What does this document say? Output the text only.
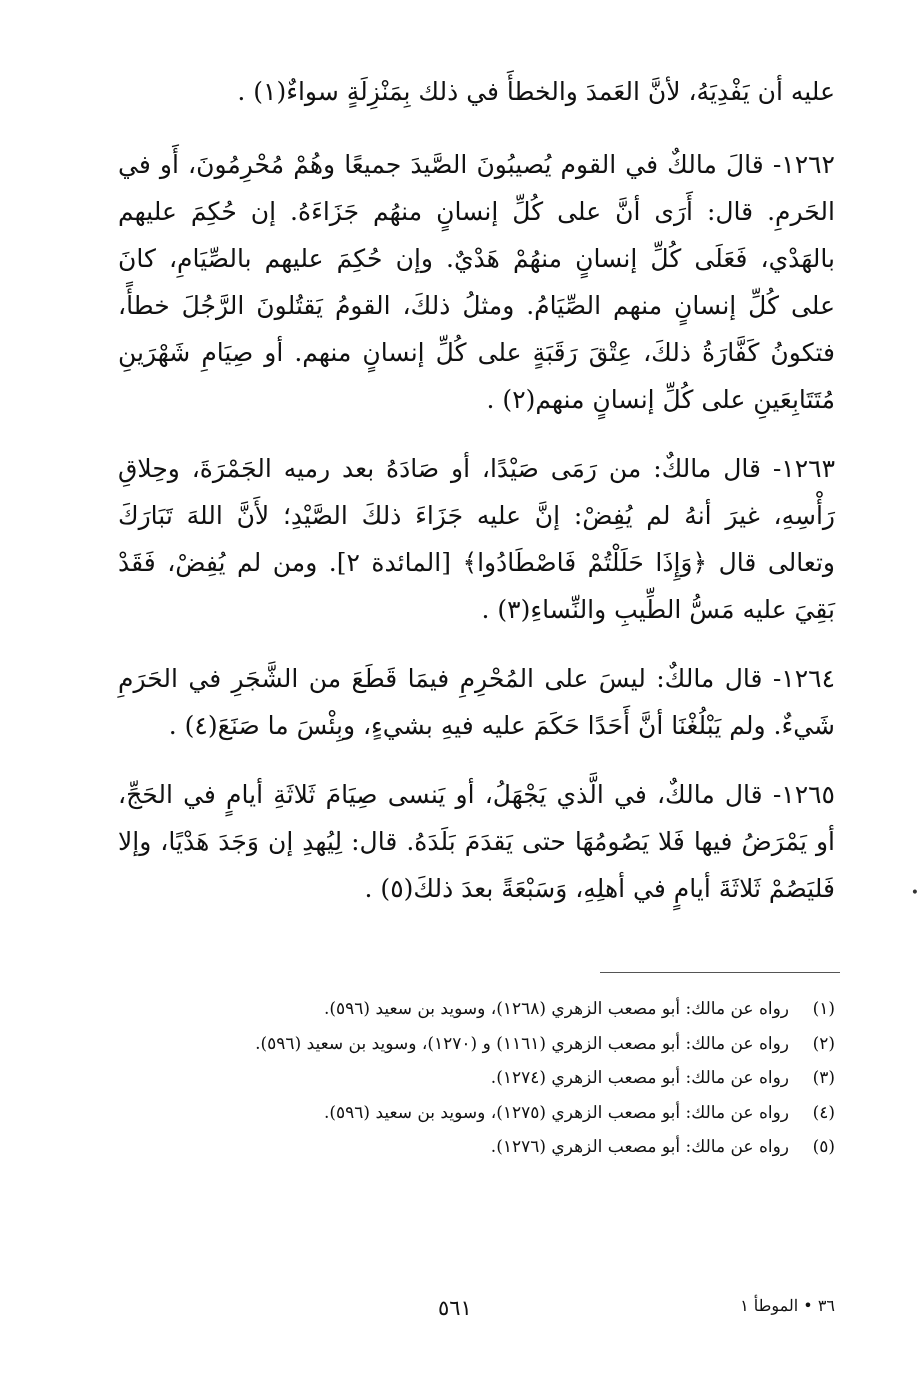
عليه أن يَفْدِيَهُ، لأنَّ العَمدَ والخطأَ في ذلك بِمَنْزِلَةٍ سواءٌ(١) .

١٢٦٢- قالَ مالكٌ في القوم يُصيبُونَ الصَّيدَ جميعًا وهُمْ مُحْرِمُونَ، أَو في الحَرمِ. قال: أَرَى أنَّ على كُلِّ إنسانٍ منهُم جَزَاءَهُ. إن حُكِمَ عليهم بالهَدْي، فَعَلَى كُلِّ إنسانٍ منهُمْ هَدْيٌ. وإن حُكِمَ عليهم بالصِّيَامِ، كانَ على كُلِّ إنسانٍ منهم الصِّيَامُ. ومثلُ ذلكَ، القومُ يَقتُلونَ الرَّجُلَ خطأً، فتكونُ كَفَّارَةُ ذلكَ، عِتْقَ رَقَبَةٍ على كُلِّ إنسانٍ منهم. أو صِيَامِ شَهْرَينِ مُتَتَابِعَينِ على كُلِّ إنسانٍ منهم(٢) .

١٢٦٣- قال مالكٌ: من رَمَى صَيْدًا، أو صَادَهُ بعد رميه الجَمْرَةَ، وحِلاقِ رَأْسِهِ، غيرَ أنهُ لم يُفِضْ: إنَّ عليه جَزَاءَ ذلكَ الصَّيْدِ؛ لأَنَّ اللهَ تَبَارَكَ وتعالى قال ﴿وَإِذَا حَلَلْتُمْ فَاصْطَادُوا﴾ [المائدة ٢]. ومن لم يُفِضْ، فَقَدْ بَقِيَ عليه مَسُّ الطِّيبِ والنِّساءِ(٣) .

١٢٦٤- قال مالكٌ: ليسَ على المُحْرِمِ فيمَا قَطَعَ من الشَّجَرِ في الحَرَمِ شَيءٌ. ولم يَبْلُغْنَا أنَّ أَحَدًا حَكَمَ عليه فيهِ بشيءٍ، وبِئْسَ ما صَنَعَ(٤) .

١٢٦٥- قال مالكٌ، في الَّذي يَجْهَلُ، أو يَنسى صِيَامَ ثَلاثَةِ أيامٍ في الحَجِّ، أو يَمْرَضُ فيها فَلا يَصُومُهَا حتى يَقدَمَ بَلَدَهُ. قال: لِيُهدِ إن وَجَدَ هَدْيًا، وإلا فَليَصُمْ ثَلاثَةَ أيامٍ في أهلِهِ، وَسَبْعَةً بعدَ ذلكَ(٥) .	•
(١)
رواه عن مالك: أبو مصعب الزهري (١٢٦٨)، وسويد بن سعيد (٥٩٦).
(٢)
رواه عن مالك: أبو مصعب الزهري (١١٦١) و (١٢٧٠)، وسويد بن سعيد (٥٩٦).
(٣)
رواه عن مالك: أبو مصعب الزهري (١٢٧٤).
(٤)
رواه عن مالك: أبو مصعب الزهري (١٢٧٥)، وسويد بن سعيد (٥٩٦).
(٥)
رواه عن مالك: أبو مصعب الزهري (١٢٧٦).
٣٦ • الموطأ ١
٥٦١
